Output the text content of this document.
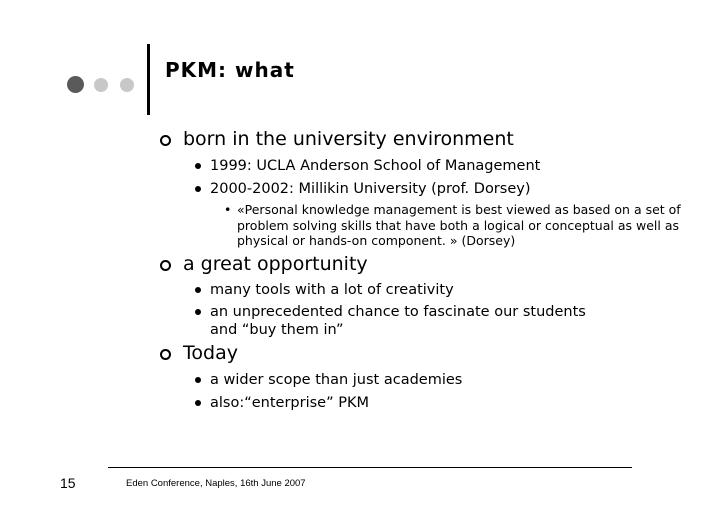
PKM: what
born in the university environment
1999: UCLA Anderson School of Management
2000-2002: Millikin University (prof. Dorsey)
• «Personal knowledge management is best viewed as based on a set of problem solving skills that have both a logical or conceptual as well as physical or hands-on component. » (Dorsey)
a great opportunity
many tools with a lot of creativity
an unprecedented chance to fascinate our students and “buy them in”
Today
a wider scope than just academies
also:“enterprise” PKM
15	Eden Conference, Naples, 16th June 2007
